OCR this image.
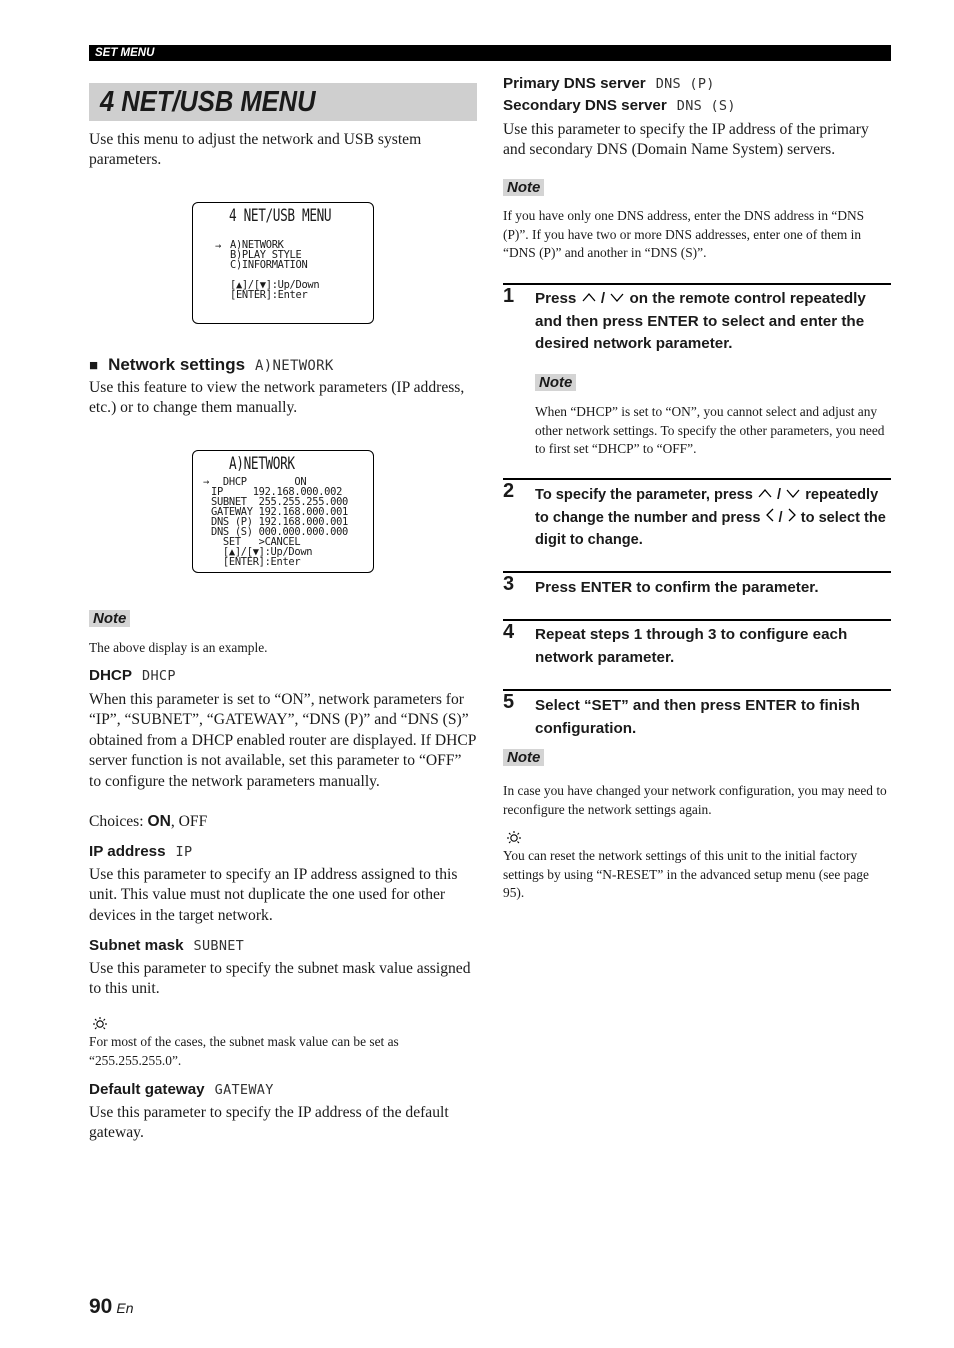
SET MENU
4 NET/USB MENU

Use this menu to adjust the network and USB system parameters.

4 NET/USB MENU
→ A)NETWORK
B)PLAY STYLE
C)INFORMATION
[▲]/[▼]:Up/Down
[ENTER]:Enter
■ Network settings A)NETWORK

Use this feature to view the network parameters (IP address, etc.) or to change them manually.

A)NETWORK
→ DHCP        ON
IP     192.168.000.002
SUBNET  255.255.255.000
GATEWAY 192.168.000.001
DNS (P) 192.168.000.001
DNS (S) 000.000.000.000
SET   >CANCEL
[▲]/[▼]:Up/Down
[ENTER]:Enter
Note

The above display is an example.

DHCP DHCP

When this parameter is set to “ON”, network parameters for “IP”, “SUBNET”, “GATEWAY”, “DNS (P)” and “DNS (S)” obtained from a DHCP enabled router are displayed. If DHCP server function is not available, set this parameter to “OFF” to configure the network parameters manually.

Choices: ON, OFF

IP address IP

Use this parameter to specify an IP address assigned to this unit. This value must not duplicate the one used for other devices in the target network.

Subnet mask SUBNET

Use this parameter to specify the subnet mask value assigned to this unit.

For most of the cases, the subnet mask value can be set as “255.255.255.0”.

Default gateway GATEWAY

Use this parameter to specify the IP address of the default gateway.

Primary DNS server DNS (P)
Secondary DNS server DNS (S)

Use this parameter to specify the IP address of the primary and secondary DNS (Domain Name System) servers.

Note

If you have only one DNS address, enter the DNS address in “DNS (P)”. If you have two or more DNS addresses, enter one of them in “DNS (P)” and another in “DNS (S)”.

1 Press  /  on the remote control repeatedly and then press ENTER to select and enter the desired network parameter.

Note

When “DHCP” is set to “ON”, you cannot select and adjust any other network settings. To specify the other parameters, you need to first set “DHCP” to “OFF”.

2 To specify the parameter, press  /  repeatedly to change the number and press  /  to select the digit to change.

3 Press ENTER to confirm the parameter.

4 Repeat steps 1 through 3 to configure each network parameter.

5 Select “SET” and then press ENTER to finish configuration.

Note

In case you have changed your network configuration, you may need to reconfigure the network settings again.

You can reset the network settings of this unit to the initial factory settings by using “N-RESET” in the advanced setup menu (see page 95).

90 En
